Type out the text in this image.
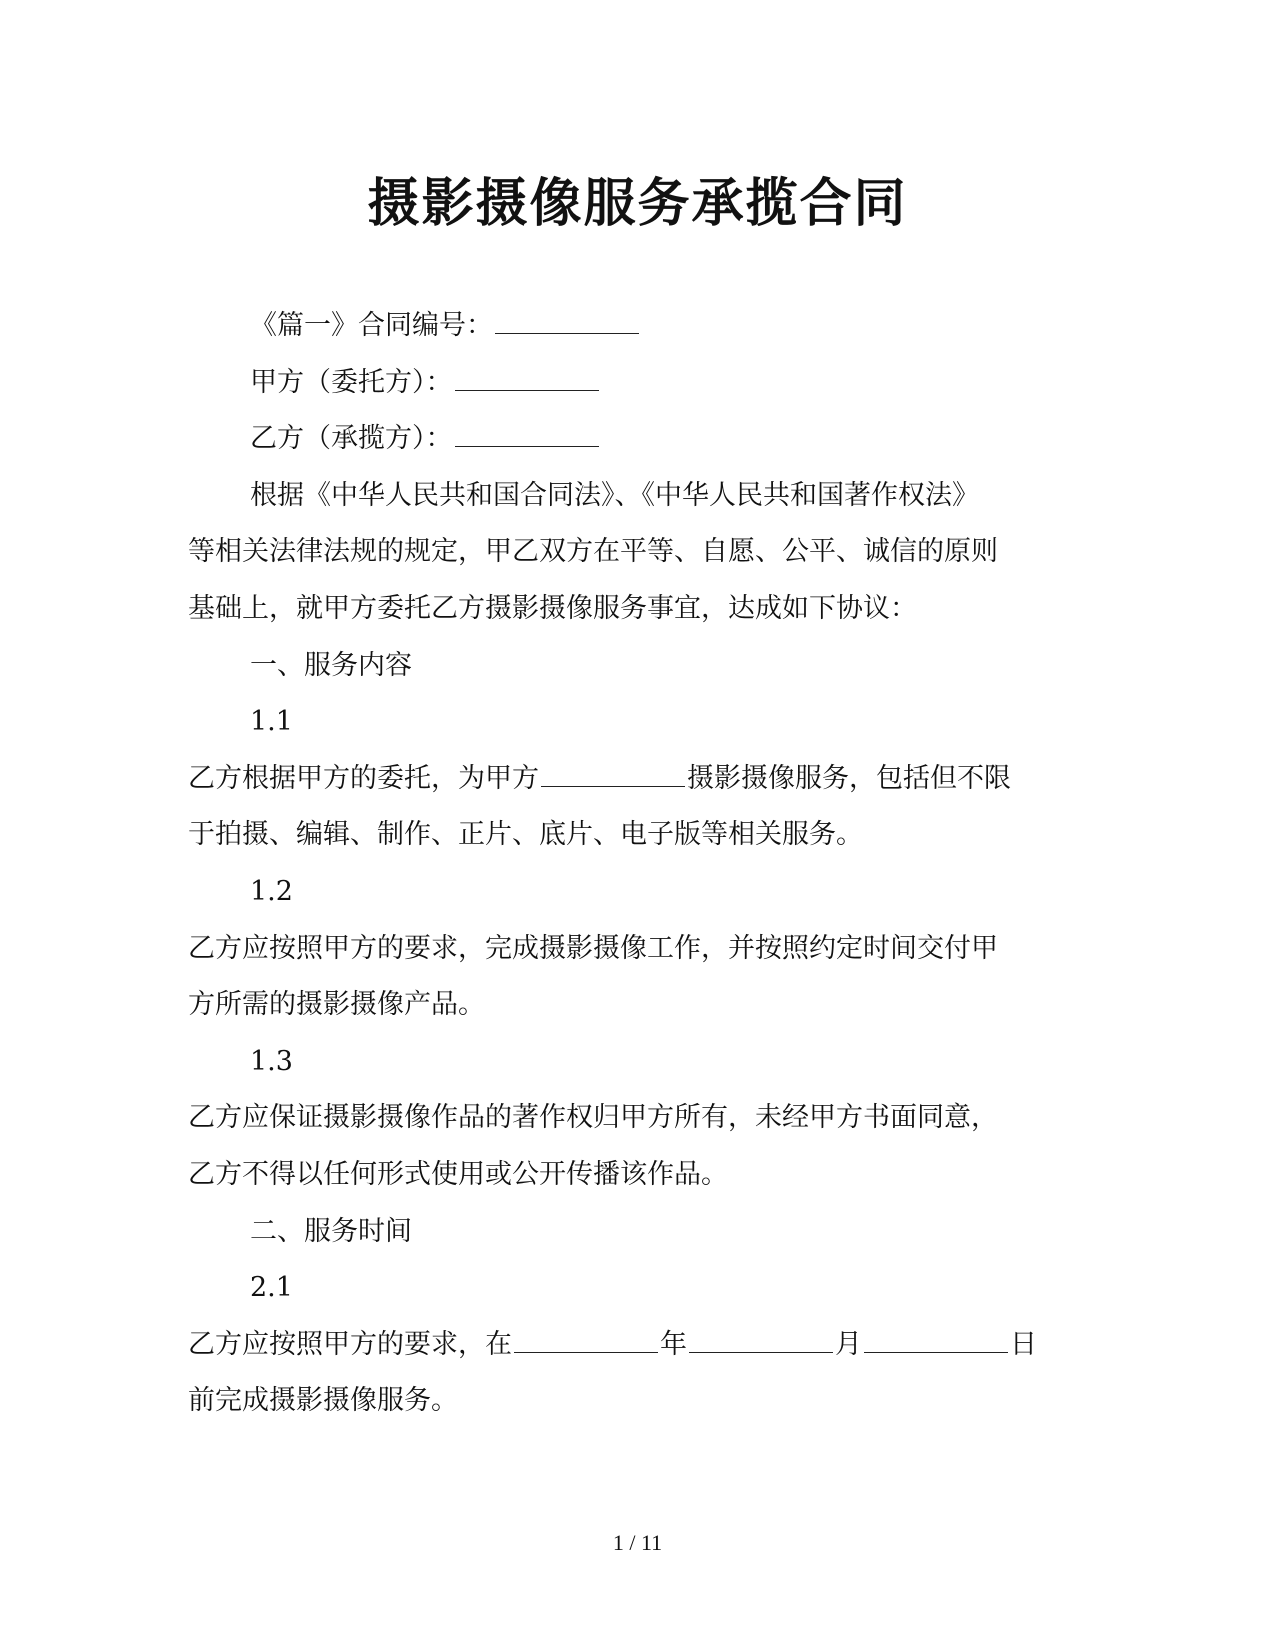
摄影摄像服务承揽合同
《篇一》合同编号：
甲方（委托方）：
乙方（承揽方）：
根据《中华人民共和国合同法》、《中华人民共和国著作权法》
等相关法律法规的规定，甲乙双方在平等、自愿、公平、诚信的原则
基础上，就甲方委托乙方摄影摄像服务事宜，达成如下协议：
一、服务内容
1.1
乙方根据甲方的委托，为甲方	摄影摄像服务，包括但不限
于拍摄、编辑、制作、正片、底片、电子版等相关服务。
1.2
乙方应按照甲方的要求，完成摄影摄像工作，并按照约定时间交付甲
方所需的摄影摄像产品。
1.3
乙方应保证摄影摄像作品的著作权归甲方所有，未经甲方书面同意，
乙方不得以任何形式使用或公开传播该作品。
二、服务时间
2.1
乙方应按照甲方的要求，在	年	月	日
前完成摄影摄像服务。
1 / 11
